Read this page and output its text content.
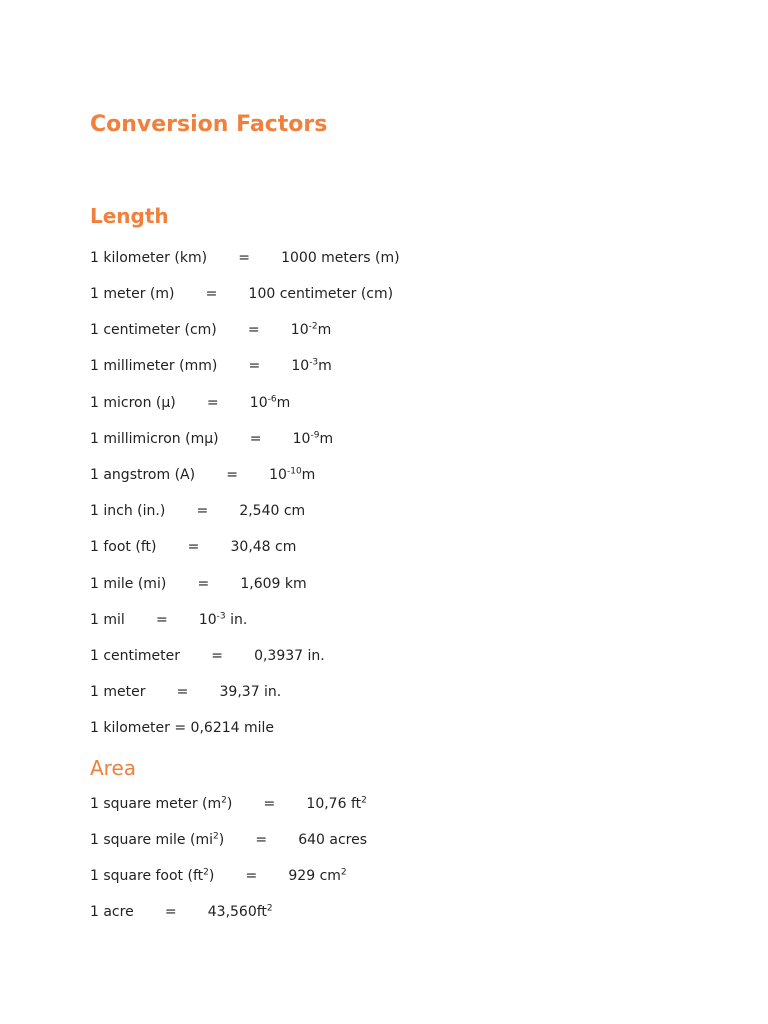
Conversion Factors
Length
1 kilometer (km) = 1000 meters (m)
1 meter (m) = 100 centimeter (cm)
1 centimeter $(cm) = 10^{-2}m$
1 millimeter $(mm) = 10^{-3}m$
1 micron $(\mu) = 10^{-6}m$
1 millimicron $(m\mu) = 10^{-9}m$
1 angstrom $(A) = 10^{-10}m$
1 inch (in.) = 2,540 cm
1 foot (ft) = 30,48 cm
1 mile (mi) = 1,609 km
1 mil = $10^{-3}$ in.
1 centimeter = 0,3937 in.
1 meter = 39,37 in.
1 kilometer = 0,6214 mile
Area
1 square meter $(m^2) = 10,76$ $ft^2$
1 square mile $(mi^2) = 640$ acres
1 square foot $(ft^2) = 929$ $cm^2$
1 acre = $43,560ft^2$
